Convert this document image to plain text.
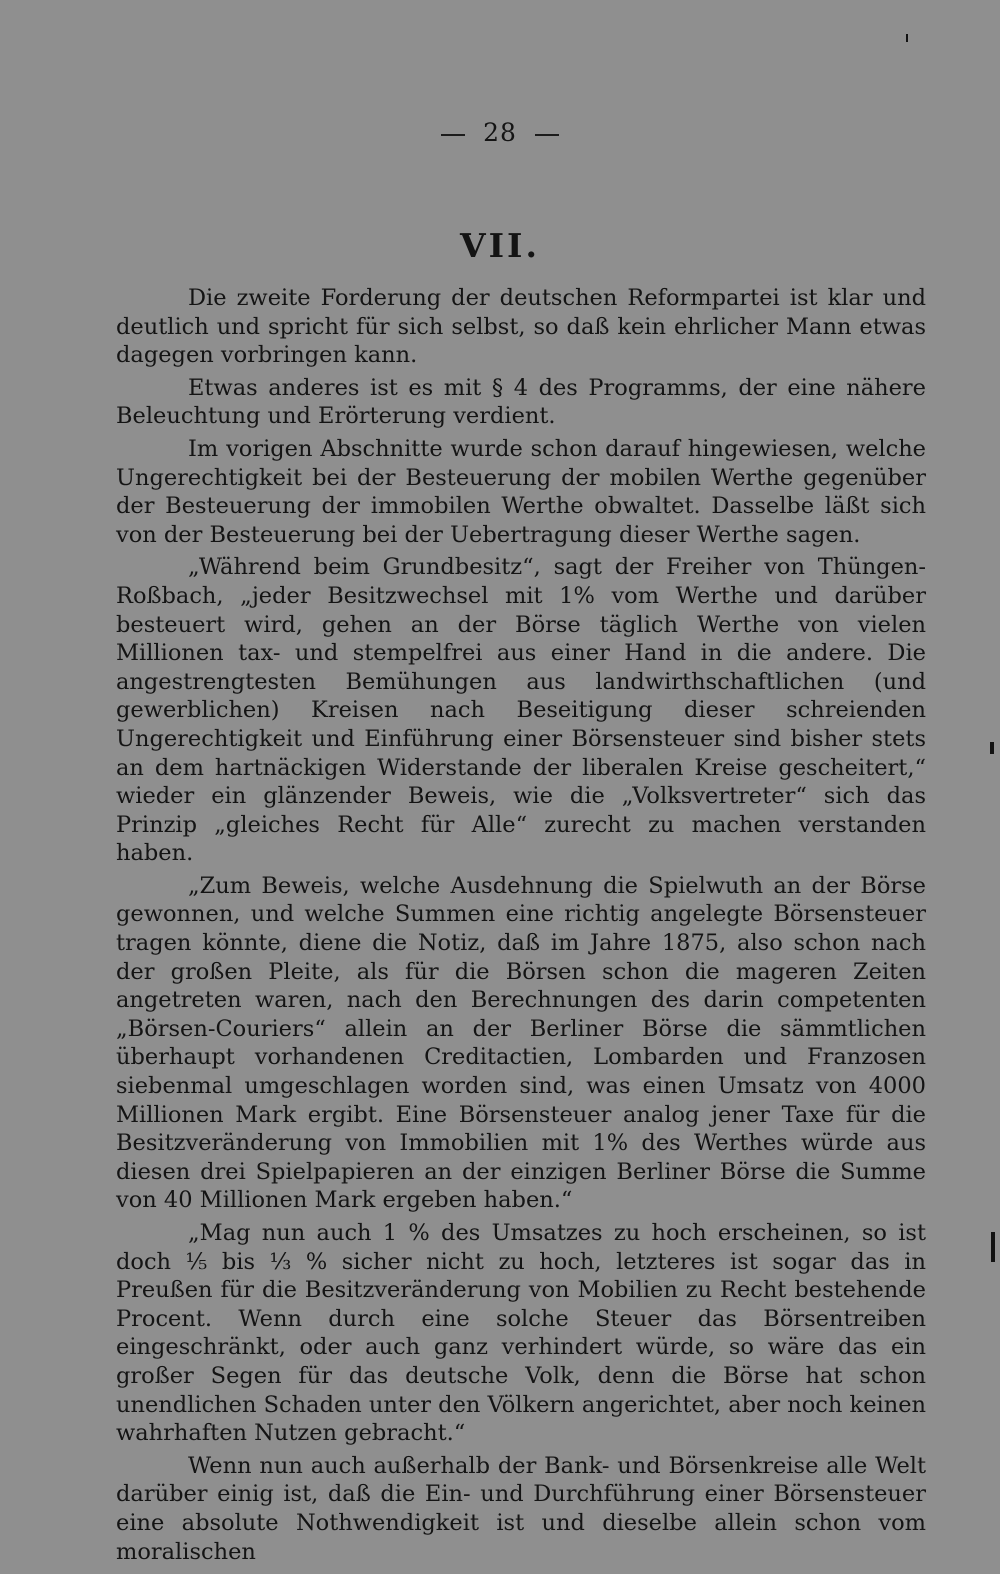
28
VII.

Die zweite Forderung der deutschen Reformpartei ist klar und deutlich und spricht für sich selbst, so daß kein ehrlicher Mann etwas dagegen vorbringen kann.

Etwas anderes ist es mit § 4 des Programms, der eine nähere Beleuchtung und Erörterung verdient.

Im vorigen Abschnitte wurde schon darauf hingewiesen, welche Ungerechtigkeit bei der Besteuerung der mobilen Werthe gegenüber der Besteuerung der immobilen Werthe obwaltet. Dasselbe läßt sich von der Besteuerung bei der Uebertragung dieser Werthe sagen.

„Während beim Grundbesitz“, sagt der Freiher von Thüngen-Roßbach, „jeder Besitzwechsel mit 1% vom Werthe und darüber besteuert wird, gehen an der Börse täglich Werthe von vielen Millionen tax- und stempelfrei aus einer Hand in die andere. Die angestrengtesten Bemühungen aus landwirthschaftlichen (und gewerblichen) Kreisen nach Beseitigung dieser schreienden Ungerechtigkeit und Einführung einer Börsensteuer sind bisher stets an dem hartnäckigen Widerstande der liberalen Kreise gescheitert,“ wieder ein glänzender Beweis, wie die „Volksvertreter“ sich das Prinzip „gleiches Recht für Alle“ zurecht zu machen verstanden haben.

„Zum Beweis, welche Ausdehnung die Spielwuth an der Börse gewonnen, und welche Summen eine richtig angelegte Börsensteuer tragen könnte, diene die Notiz, daß im Jahre 1875, also schon nach der großen Pleite, als für die Börsen schon die mageren Zeiten angetreten waren, nach den Berechnungen des darin competenten „Börsen-Couriers“ allein an der Berliner Börse die sämmtlichen überhaupt vorhandenen Creditactien, Lombarden und Franzosen siebenmal umgeschlagen worden sind, was einen Umsatz von 4000 Millionen Mark ergibt. Eine Börsensteuer analog jener Taxe für die Besitzveränderung von Immobilien mit 1% des Werthes würde aus diesen drei Spielpapieren an der einzigen Berliner Börse die Summe von 40 Millionen Mark ergeben haben.“

„Mag nun auch 1 % des Umsatzes zu hoch erscheinen, so ist doch ⅕ bis ⅓ % sicher nicht zu hoch, letzteres ist sogar das in Preußen für die Besitzveränderung von Mobilien zu Recht bestehende Procent. Wenn durch eine solche Steuer das Börsentreiben eingeschränkt, oder auch ganz verhindert würde, so wäre das ein großer Segen für das deutsche Volk, denn die Börse hat schon unendlichen Schaden unter den Völkern angerichtet, aber noch keinen wahrhaften Nutzen gebracht.“

Wenn nun auch außerhalb der Bank- und Börsenkreise alle Welt darüber einig ist, daß die Ein- und Durchführung einer Börsensteuer eine absolute Nothwendigkeit ist und dieselbe allein schon vom moralischen
